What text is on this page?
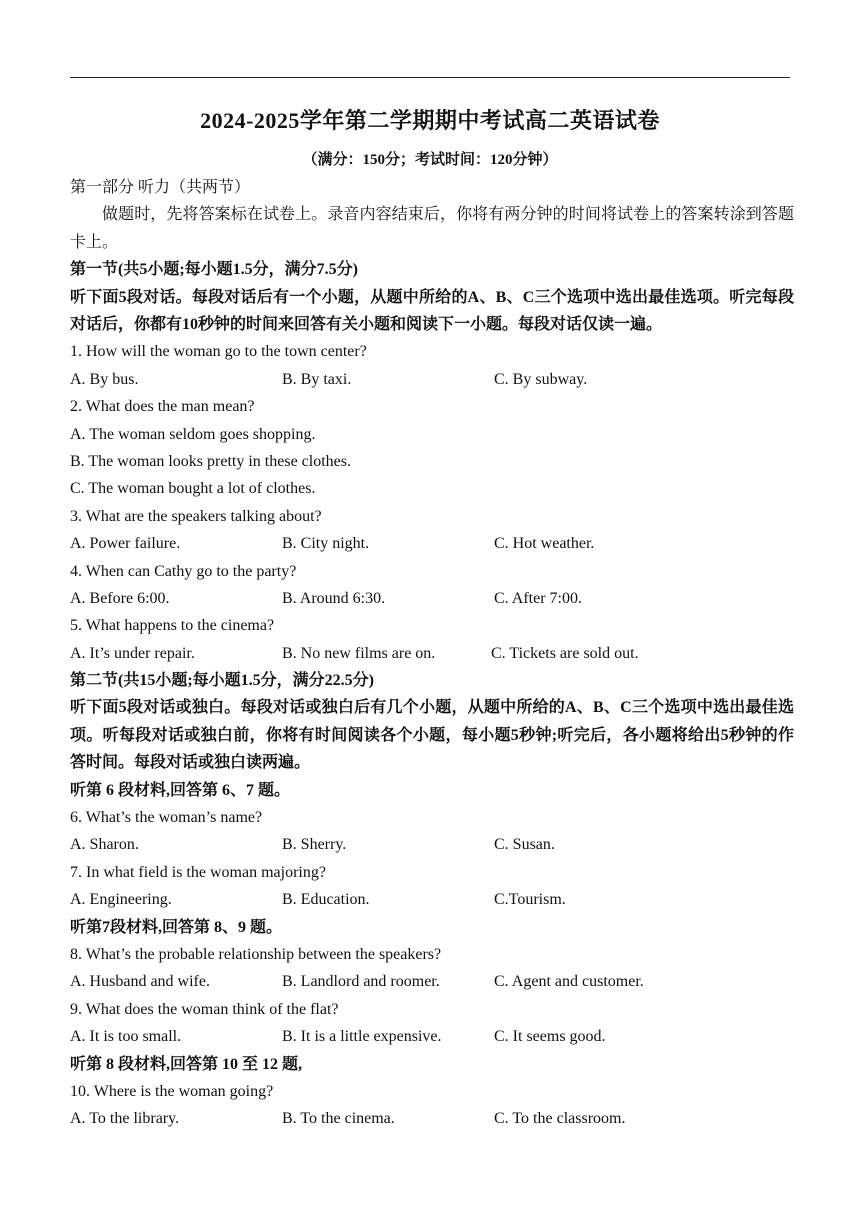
2024-2025学年第二学期期中考试高二英语试卷
（满分：150分；考试时间：120分钟）
第一部分 听力（共两节）
做题时，先将答案标在试卷上。录音内容结束后，你将有两分钟的时间将试卷上的答案转涂到答题卡上。
第一节(共5小题;每小题1.5分，满分7.5分)
听下面5段对话。每段对话后有一个小题，从题中所给的A、B、C三个选项中选出最佳选项。听完每段对话后，你都有10秒钟的时间来回答有关小题和阅读下一小题。每段对话仅读一遍。
1. How will the woman go to the town center?
A. By bus.	B. By taxi.	C. By subway.
2. What does the man mean?
A. The woman seldom goes shopping.
B. The woman looks pretty in these clothes.
C. The woman bought a lot of clothes.
3. What are the speakers talking about?
A. Power failure.	B. City night.	C. Hot weather.
4. When can Cathy go to the party?
A. Before 6:00.	B. Around 6:30.	C. After 7:00.
5. What happens to the cinema?
A. It’s under repair.	B. No new films are on.	C. Tickets are sold out.
第二节(共15小题;每小题1.5分，满分22.5分)
听下面5段对话或独白。每段对话或独白后有几个小题，从题中所给的A、B、C三个选项中选出最佳选项。听每段对话或独白前，你将有时间阅读各个小题，每小题5秒钟;听完后，各小题将给出5秒钟的作答时间。每段对话或独白读两遍。
听第 6 段材料,回答第 6、7 题。
6. What’s the woman’s name?
A. Sharon.	B. Sherry.	C. Susan.
7. In what field is the woman majoring?
A. Engineering.	B. Education.	C.Tourism.
听第7段材料,回答第 8、9 题。
8. What’s the probable relationship between the speakers?
A. Husband and wife.	B. Landlord and roomer.	C. Agent and customer.
9. What does the woman think of the flat?
A. It is too small.	B. It is a little expensive.	C. It seems good.
听第 8 段材料,回答第 10 至 12 题,
10. Where is the woman going?
A. To the library.	B. To the cinema.	C. To the classroom.
